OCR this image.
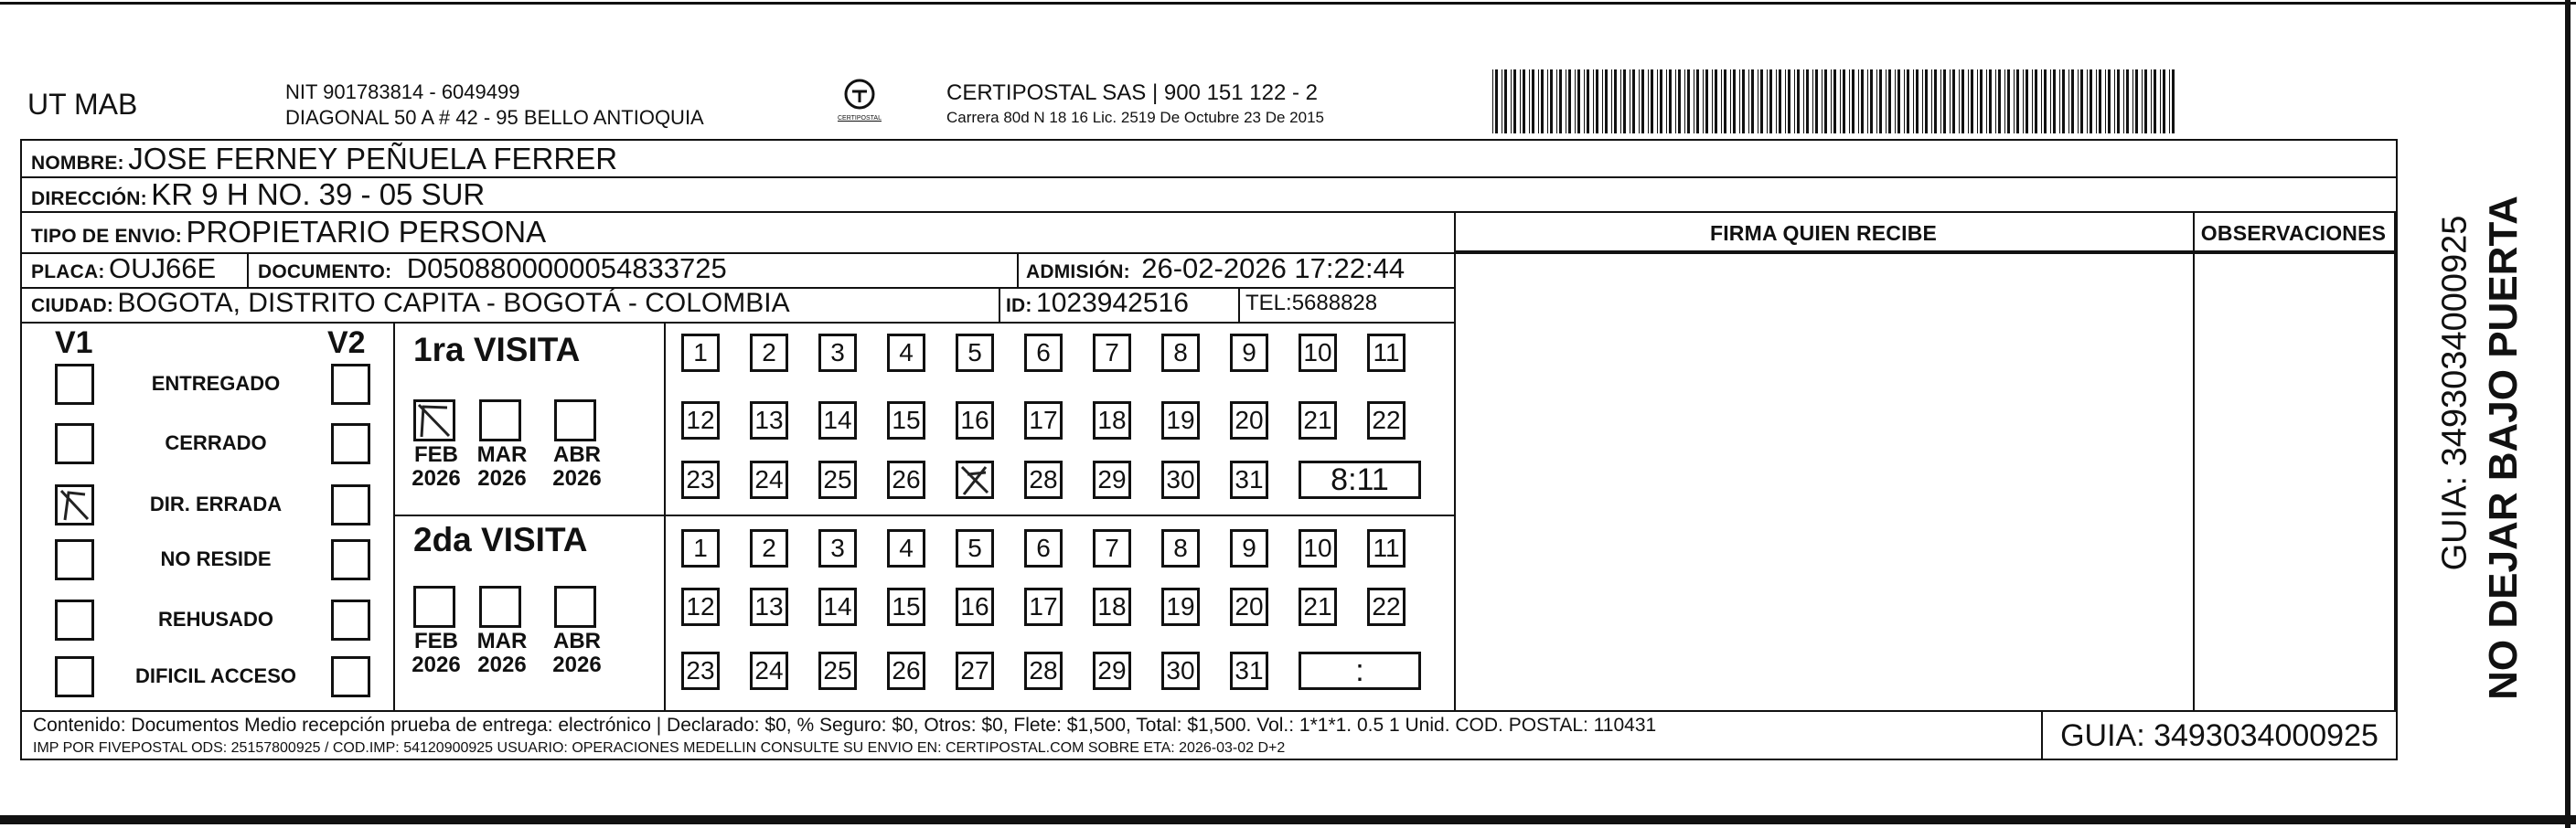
UT MAB	NIT 901783814 - 6049499
DIAGONAL 50 A # 42 - 95 BELLO ANTIOQUIA	CERTIPOSTAL
CERTIPOSTAL SAS | 900 151 122 - 2
Carrera 80d N 18 16 Lic. 2519 De Octubre 23 De 2015
NOMBRE: JOSE FERNEY PEÑUELA FERRER
DIRECCIÓN: KR 9 H NO. 39 - 05 SUR
TIPO DE ENVIO: PROPIETARIO PERSONA	FIRMA QUIEN RECIBE	OBSERVACIONES
PLACA: OUJ66E DOCUMENTO: D0508800000054833725	ADMISIÓN: 26-02-2026 17:22:44
CIUDAD: BOGOTA, DISTRITO CAPITA - BOGOTÁ - COLOMBIA	ID: 1023942516	TEL:5688828
V1	V2
ENTREGADO
CERRADO
DIR. ERRADA
NO RESIDE
REHUSADO
DIFICIL ACCESO
1ra VISITA
2da VISITA
FEB
2026
MAR
2026
ABR
2026
1 2 3 4 5 6 7 8 9 10 11
12 13 14 15 16 17 18 19 20 21 22
23 24 25 26	28 29 30 31 8:11
FEB
2026
MAR
2026
ABR
2026
1 2 3 4 5 6 7 8 9 10 11
12 13 14 15 16 17 18 19 20 21 22
23 24 25 26 27 28 29 30 31	:
Contenido: Documentos Medio recepción prueba de entrega: electrónico | Declarado: $0, % Seguro: $0, Otros: $0, Flete: $1,500, Total: $1,500. Vol.: 1*1*1. 0.5 1 Unid. COD. POSTAL: 110431
IMP POR FIVEPOSTAL ODS: 25157800925 / COD.IMP: 54120900925 USUARIO: OPERACIONES MEDELLIN CONSULTE SU ENVIO EN: CERTIPOSTAL.COM SOBRE ETA: 2026-03-02 D+2	GUIA: 3493034000925
NO DEJAR BAJO PUERTA
GUIA: 3493034000925
